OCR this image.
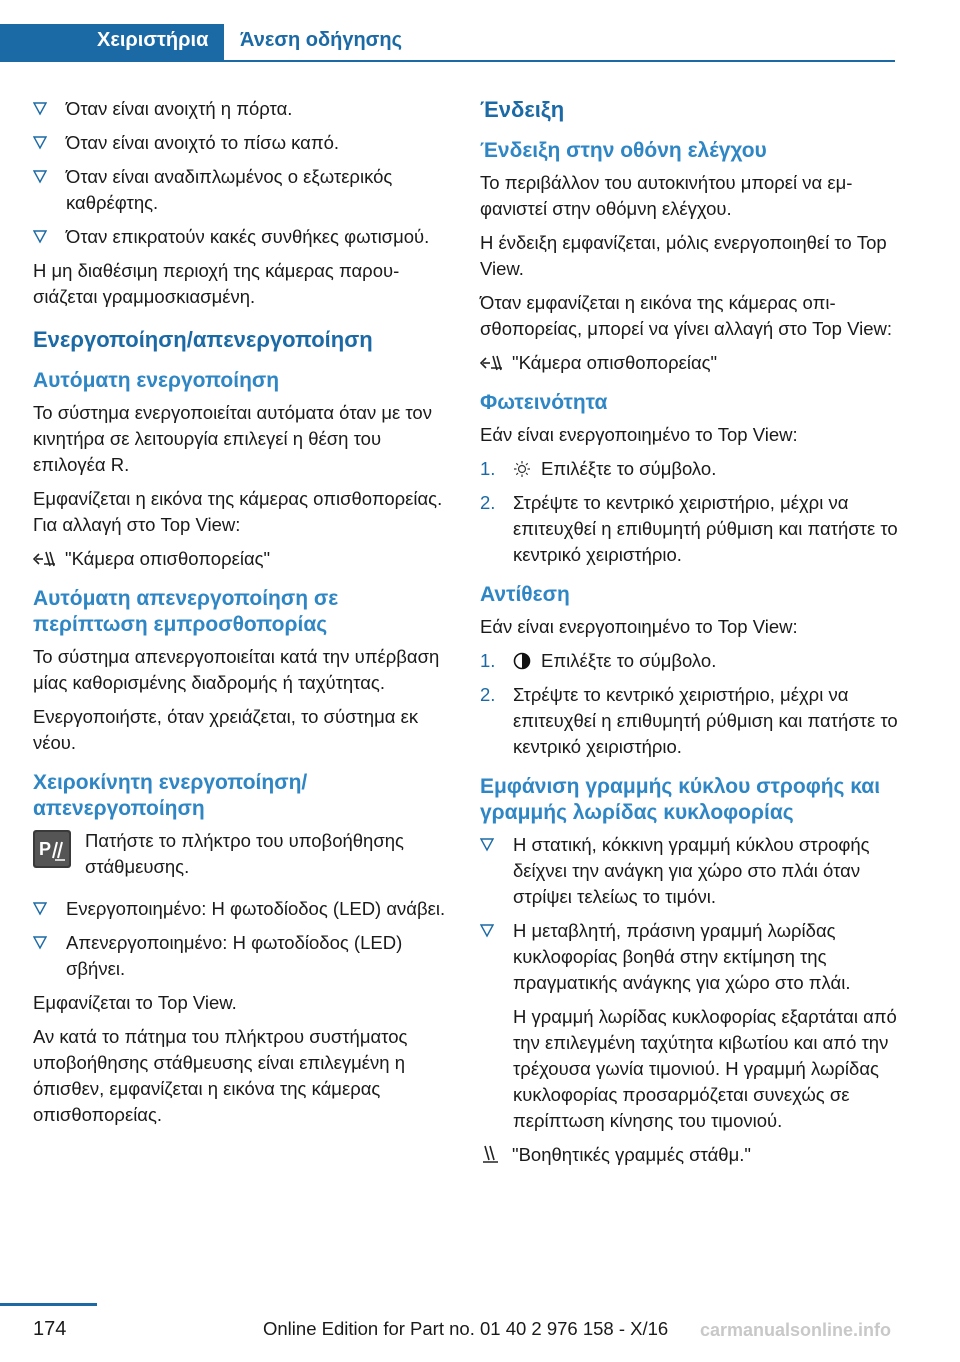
Χειριστήρια	Άνεση οδήγησης
Όταν είναι ανοιχτή η πόρτα.
Όταν είναι ανοιχτό το πίσω καπό.
Όταν είναι αναδιπλωμένος ο εξωτερικός καθρέφτης.
Όταν επικρατούν κακές συνθήκες φωτισμού.

Η μη διαθέσιμη περιοχή της κάμερας παρουσιάζεται γραμμοσκιασμένη.

Ενεργοποίηση/απενεργοποίηση
Αυτόματη ενεργοποίηση

Το σύστημα ενεργοποιείται αυτόματα όταν με τον κινητήρα σε λειτουργία επιλεγεί η θέση του επιλογέα R.

Εμφανίζεται η εικόνα της κάμερας οπισθοπορείας. Για αλλαγή στο Top View:

"Κάμερα οπισθοπορείας"
Αυτόματη απενεργοποίηση σε περίπτωση εμπροσθοπορίας

Το σύστημα απενεργοποιείται κατά την υπέρβαση μίας καθορισμένης διαδρομής ή ταχύτητας.

Ενεργοποιήστε, όταν χρειάζεται, το σύστημα εκ νέου.

Χειροκίνητη ενεργοποίηση/ απενεργοποίηση
P Πατήστε το πλήκτρο του υποβοήθησης στάθμευσης.

Ενεργοποιημένο: Η φωτοδίοδος (LED) ανάβει.
Απενεργοποιημένο: Η φωτοδίοδος (LED) σβήνει.

Εμφανίζεται το Top View.

Αν κατά το πάτημα του πλήκτρου συστήματος υποβοήθησης στάθμευσης είναι επιλεγμένη η όπισθεν, εμφανίζεται η εικόνα της κάμερας οπισθοπορείας.

Ένδειξη
Ένδειξη στην οθόνη ελέγχου

Το περιβάλλον του αυτοκινήτου μπορεί να εμφανιστεί στην οθόμνη ελέγχου.

Η ένδειξη εμφανίζεται, μόλις ενεργοποιηθεί το Top View.

Όταν εμφανίζεται η εικόνα της κάμερας οπισθοπορείας, μπορεί να γίνει αλλαγή στο Top View:

"Κάμερα οπισθοπορείας"
Φωτεινότητα

Εάν είναι ενεργοποιημένο το Top View:

1. Επιλέξτε το σύμβολο.
2. Στρέψτε το κεντρικό χειριστήριο, μέχρι να επιτευχθεί η επιθυμητή ρύθμιση και πατήστε το κεντρικό χειριστήριο.
Αντίθεση

Εάν είναι ενεργοποιημένο το Top View:

1. Επιλέξτε το σύμβολο.
2. Στρέψτε το κεντρικό χειριστήριο, μέχρι να επιτευχθεί η επιθυμητή ρύθμιση και πατήστε το κεντρικό χειριστήριο.
Εμφάνιση γραμμής κύκλου στροφής και γραμμής λωρίδας κυκλοφορίας
Η στατική, κόκκινη γραμμή κύκλου στροφής δείχνει την ανάγκη για χώρο στο πλάι όταν στρίψει τελείως το τιμόνι.
Η μεταβλητή, πράσινη γραμμή λωρίδας κυκλοφορίας βοηθά στην εκτίμηση της πραγματικής ανάγκης για χώρο στο πλάι.

Η γραμμή λωρίδας κυκλοφορίας εξαρτάται από την επιλεγμένη ταχύτητα κιβωτίου και από την τρέχουσα γωνία τιμονιού. Η γραμμή λωρίδας κυκλοφορίας προσαρμόζεται συνεχώς σε περίπτωση κίνησης του τιμονιού.

"Βοηθητικές γραμμές στάθμ."
174	Online Edition for Part no. 01 40 2 976 158 - X/16 carmanualsonline.info
